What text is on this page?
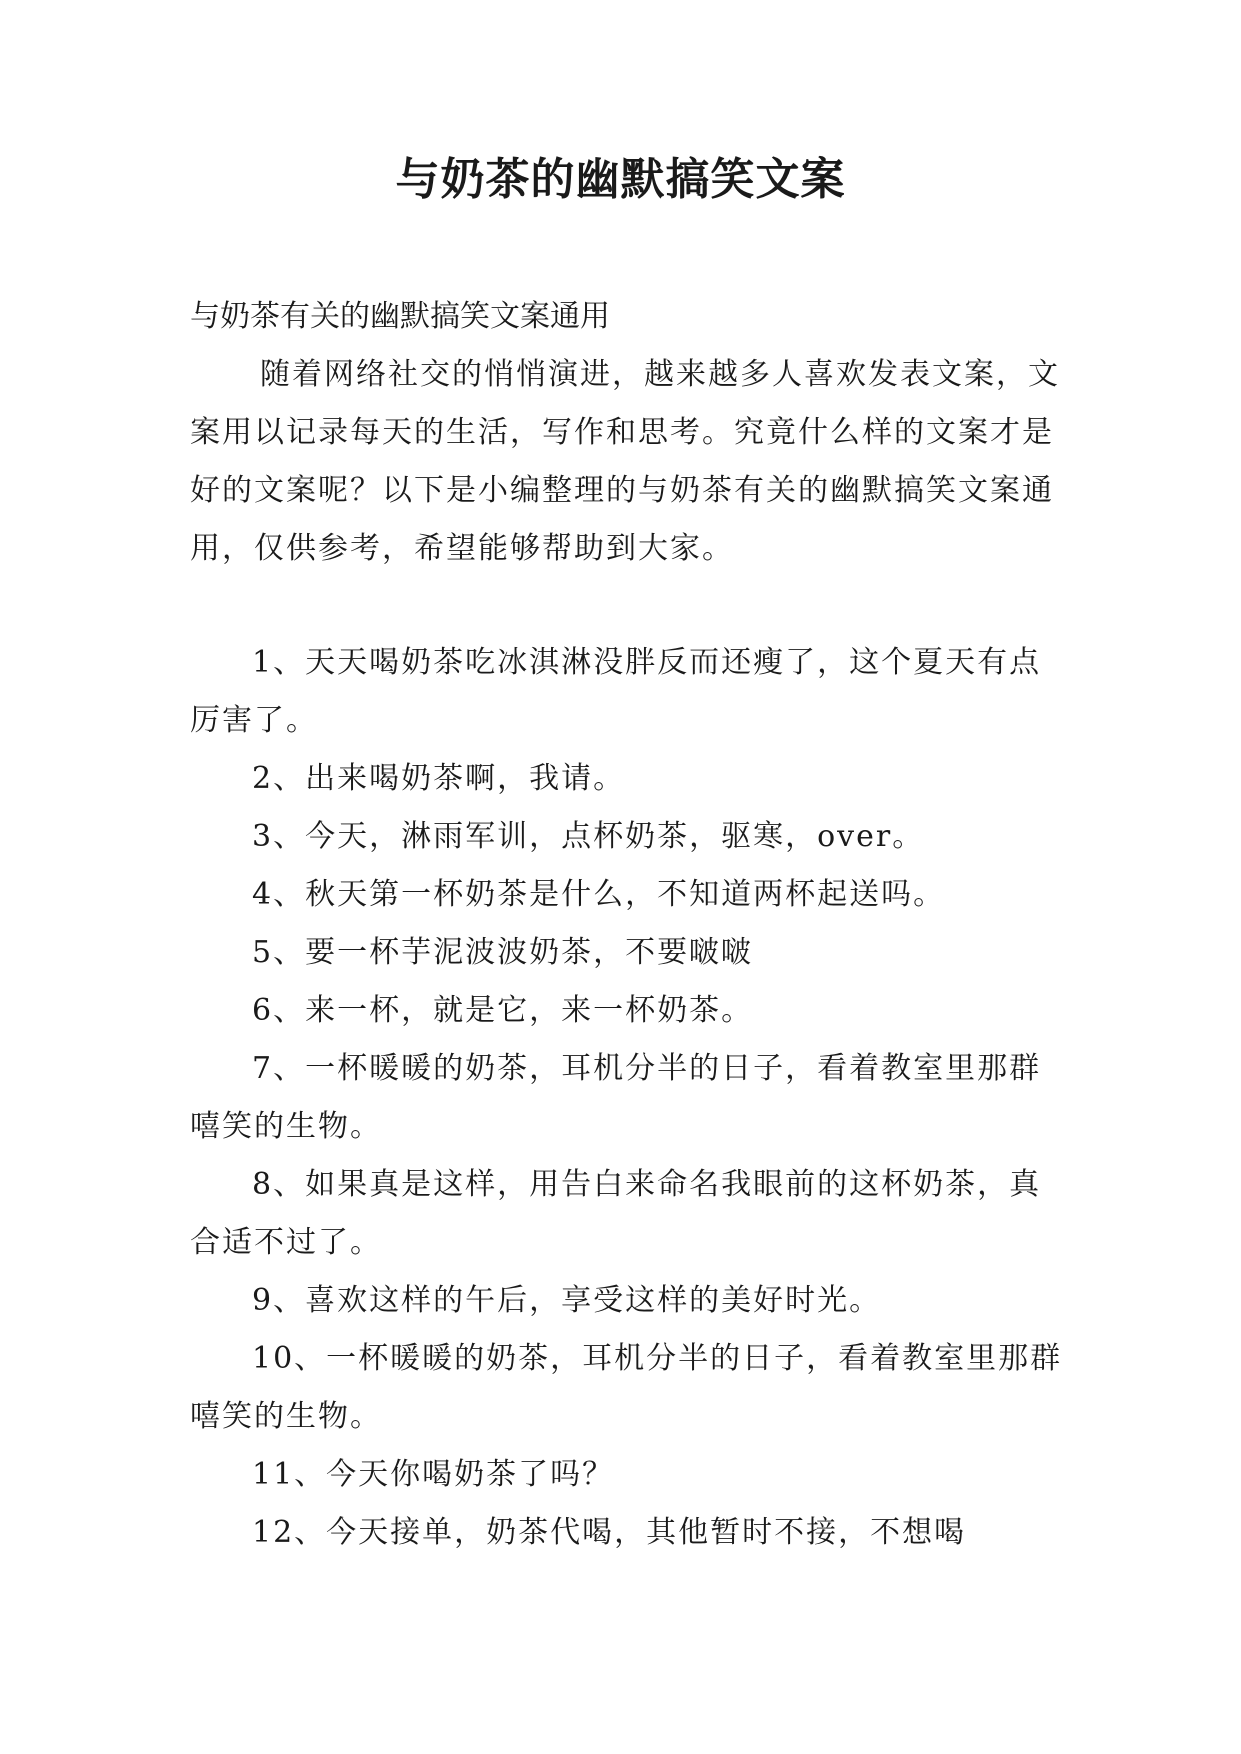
与奶茶的幽默搞笑文案

与奶茶有关的幽默搞笑文案通用

随着网络社交的悄悄演进，越来越多人喜欢发表文案，文案用以记录每天的生活，写作和思考。究竟什么样的文案才是好的文案呢？以下是小编整理的与奶茶有关的幽默搞笑文案通用，仅供参考，希望能够帮助到大家。

1、天天喝奶茶吃冰淇淋没胖反而还瘦了，这个夏天有点厉害了。
2、出来喝奶茶啊，我请。
3、今天，淋雨军训，点杯奶茶，驱寒，over。
4、秋天第一杯奶茶是什么，不知道两杯起送吗。
5、要一杯芋泥波波奶茶，不要啵啵
6、来一杯，就是它，来一杯奶茶。
7、一杯暖暖的奶茶，耳机分半的日子，看着教室里那群嘻笑的生物。
8、如果真是这样，用告白来命名我眼前的这杯奶茶，真合适不过了。
9、喜欢这样的午后，享受这样的美好时光。
10、一杯暖暖的奶茶，耳机分半的日子，看着教室里那群嘻笑的生物。
11、今天你喝奶茶了吗？
12、今天接单，奶茶代喝，其他暂时不接，不想喝
